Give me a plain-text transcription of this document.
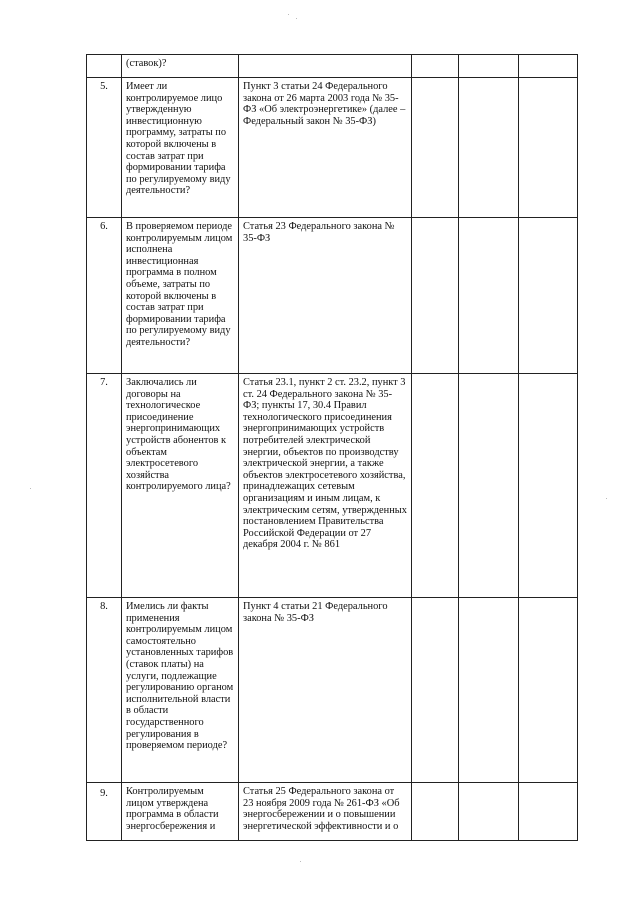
	(ставок)?				
5.	Имеет ли контролируемое лицо утвержденную инвестиционную программу, затраты по которой включены в состав затрат при формировании тарифа по регулируемому виду деятельности?	Пункт 3 статьи 24 Федерального закона от 26 марта 2003 года № 35-ФЗ «Об электроэнергетике» (далее – Федеральный закон № 35-ФЗ)			
6.	В проверяемом периоде контролируемым лицом исполнена инвестиционная программа в полном объеме, затраты по которой включены в состав затрат при формировании тарифа по регулируемому виду деятельности?	Статья 23 Федерального закона № 35-ФЗ			
7.	Заключались ли договоры на технологическое присоединение энергопринимающих устройств абонентов к объектам электросетевого хозяйства контролируемого лица?	Статья 23.1, пункт 2 ст. 23.2, пункт 3 ст. 24 Федерального закона № 35-ФЗ; пункты 17, 30.4 Правил технологического присоединения энергопринимающих устройств потребителей электрической энергии, объектов по производству электрической энергии, а также объектов электросетевого хозяйства, принадлежащих сетевым организациям и иным лицам, к электрическим сетям, утвержденных постановлением Правительства Российской Федерации от 27 декабря 2004 г. № 861			
8.	Имелись ли факты применения контролируемым лицом самостоятельно установленных тарифов (ставок платы) на услуги, подлежащие регулированию органом исполнительной власти в области государственного регулирования в проверяемом периоде?	Пункт 4 статьи 21 Федерального закона № 35-ФЗ			
9.	Контролируемым лицом утверждена программа в области энергосбережения и	Статья 25 Федерального закона от 23 ноября 2009 года № 261-ФЗ «Об энергосбережении и о повышении энергетической эффективности и о			
